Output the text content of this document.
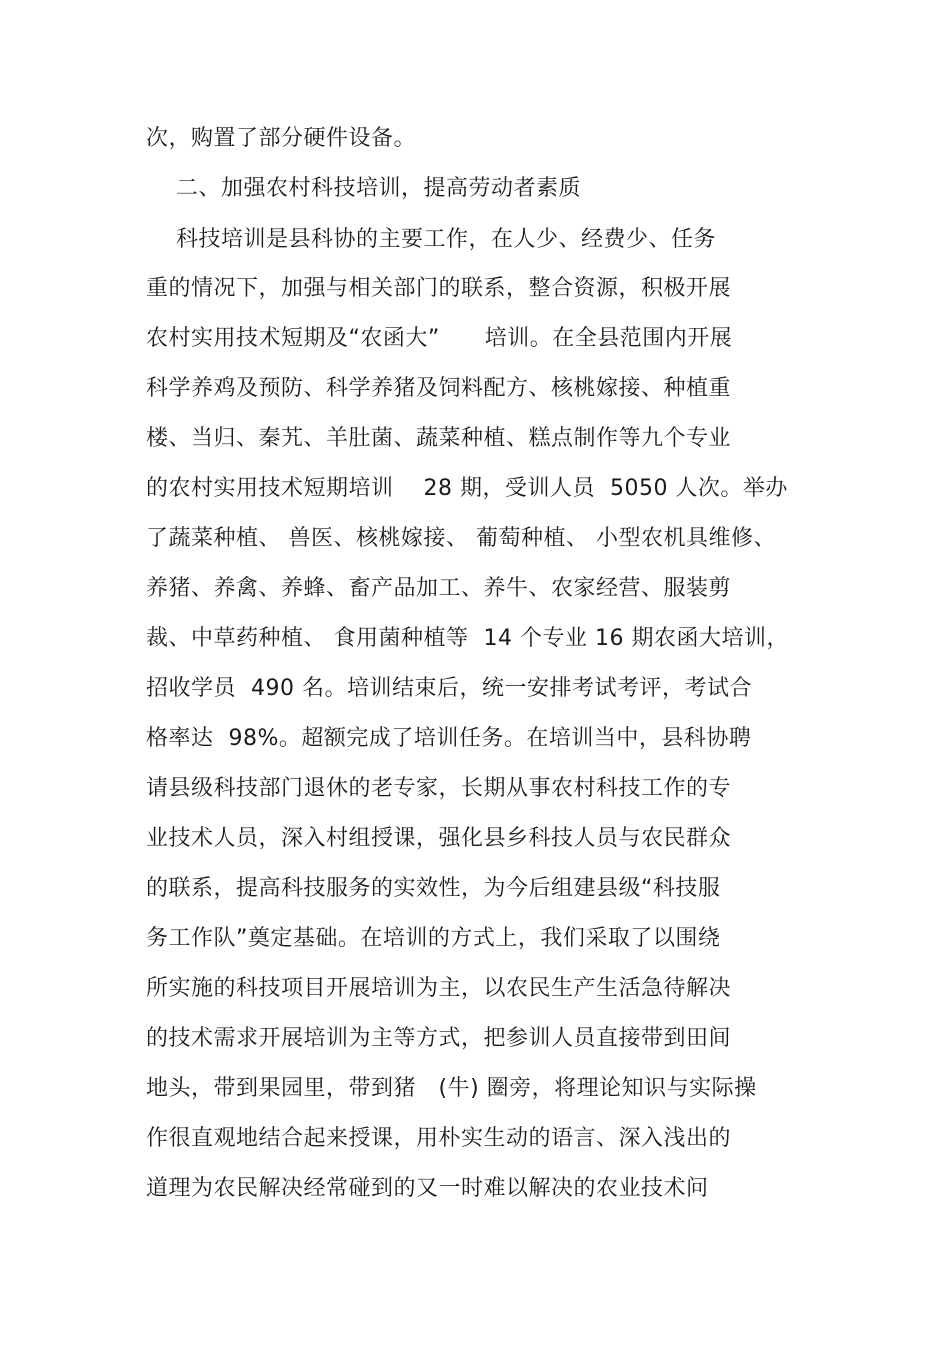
次，购置了部分硬件设备。
二、加强农村科技培训，提高劳动者素质
科技培训是县科协的主要工作，在人少、经费少、任务
重的情况下，加强与相关部门的联系，整合资源，积极开展
农村实用技术短期及“农函大”      培训。在全县范围内开展
科学养鸡及预防、科学养猪及饲料配方、核桃嫁接、种植重
楼、当归、秦艽、羊肚菌、蔬菜种植、糕点制作等九个专业
的农村实用技术短期培训    28 期，受训人员  5050 人次。举办
了蔬菜种植、 兽医、核桃嫁接、 葡萄种植、 小型农机具维修、
养猪、养禽、养蜂、畜产品加工、养牛、农家经营、服装剪
裁、中草药种植、 食用菌种植等  14 个专业 16 期农函大培训，
招收学员  490 名。培训结束后，统一安排考试考评，考试合
格率达  98%。超额完成了培训任务。在培训当中，县科协聘
请县级科技部门退休的老专家，长期从事农村科技工作的专
业技术人员，深入村组授课，强化县乡科技人员与农民群众
的联系，提高科技服务的实效性，为今后组建县级“科技服
务工作队”奠定基础。在培训的方式上，我们采取了以围绕
所实施的科技项目开展培训为主，以农民生产生活急待解决
的技术需求开展培训为主等方式，把参训人员直接带到田间
地头，带到果园里，带到猪   (牛) 圈旁，将理论知识与实际操
作很直观地结合起来授课，用朴实生动的语言、深入浅出的
道理为农民解决经常碰到的又一时难以解决的农业技术问
